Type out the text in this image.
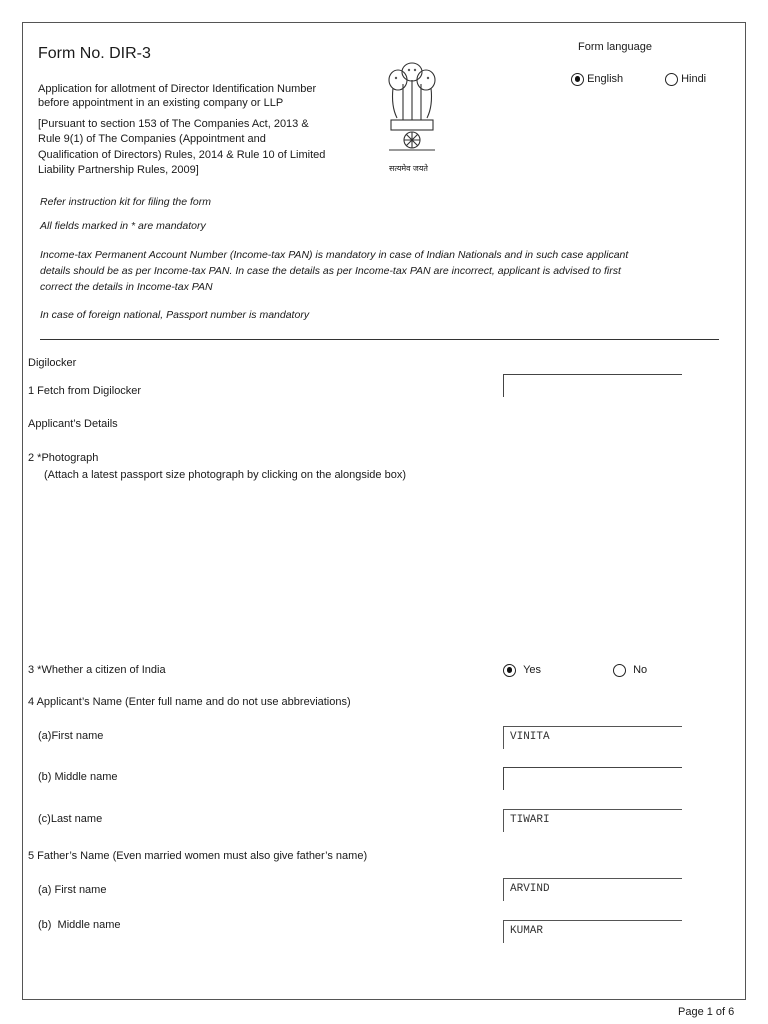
Form No. DIR-3
Application for allotment of Director Identification Number
before appointment in an existing company or LLP
[Pursuant to section 153 of The Companies Act, 2013 &
Rule 9(1) of The Companies (Appointment and
Qualification of Directors) Rules, 2014 & Rule 10 of Limited
Liability Partnership Rules, 2009]	सत्यमेव जयते
Form language
English	Hindi
Refer instruction kit for filing the form
All fields marked in * are mandatory
Income-tax Permanent Account Number (Income-tax PAN) is mandatory in case of Indian Nationals and in such case applicant
details should be as per Income-tax PAN. In case the details as per Income-tax PAN are incorrect, applicant is advised to first
correct the details in Income-tax PAN
In case of foreign national, Passport number is mandatory
Digilocker
1 Fetch from Digilocker
Applicant’s Details
2 *Photograph
(Attach a latest passport size photograph by clicking on the alongside box)
3 *Whether a citizen of India	Yes	No
4 Applicant’s Name (Enter full name and do not use abbreviations)
(a)First name	VINITA
(b) Middle name
(c)Last name	TIWARI
5 Father’s Name (Even married women must also give father’s name)
(a) First name	ARVIND
(b)  Middle name	KUMAR
Page 1 of 6
